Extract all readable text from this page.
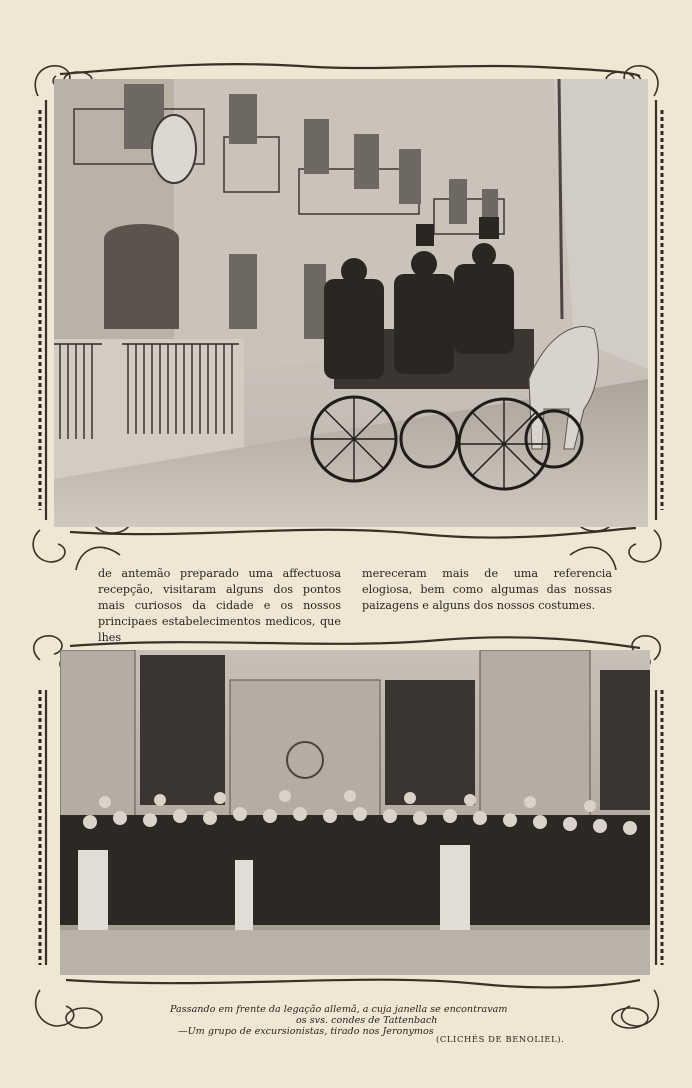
de antemão preparado uma affectuosa recepção, visitaram alguns dos pontos mais curiosos da cidade e os nossos principaes estabelecimentos medicos, que lhes

mereceram mais de uma referencia elogiosa, bem como algumas das nossas paizagens e alguns dos nossos costumes.

Passando em frente da legação allemã, a cuja janella se encontravam
os svs. condes de Tattenbach
—Um grupo de excursionistas, tirado nos Jeronymos
(CLICHÉS DE BENOLIEL).
